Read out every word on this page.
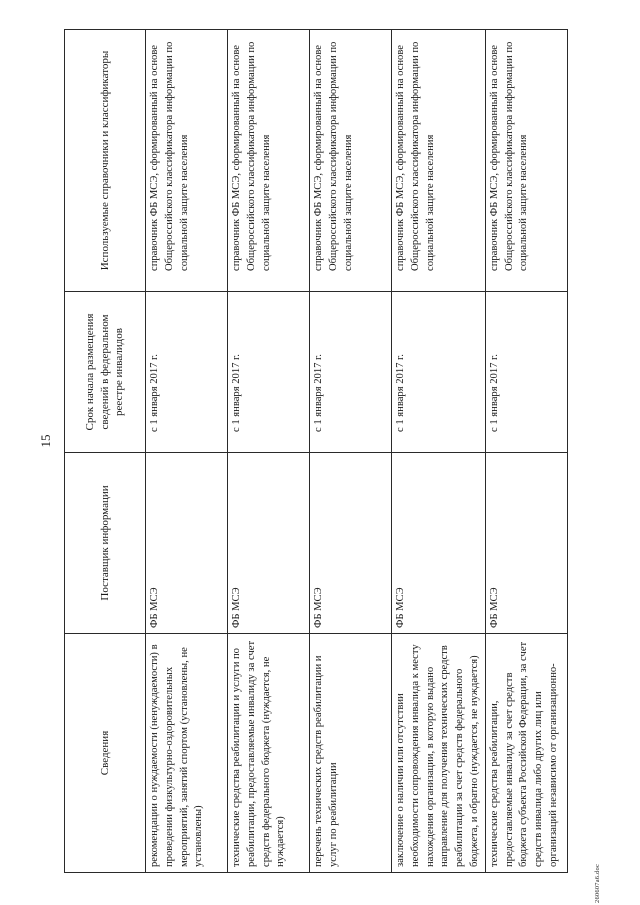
15
Сведения	Поставщик информации	Срок начала размещения сведений в федеральном реестре инвалидов	Используемые справочники и классификаторы
рекомендации о нуждаемости (ненуждаемости) в проведении физкультурно-оздоровительных мероприятий, занятий спортом (установлены, не установлены)	ФБ МСЭ	с 1 января 2017 г.	справочник ФБ МСЭ, сформированный на основе Общероссийского классификатора информации по социальной защите населения
технические средства реабилитации и услуги по реабилитации, предоставляемые инвалиду за счет средств федерального бюджета (нуждается, не нуждается)	ФБ МСЭ	с 1 января 2017 г.	справочник ФБ МСЭ, сформированный на основе Общероссийского классификатора информации по социальной защите населения
перечень технических средств реабилитации и услуг по реабилитации	ФБ МСЭ	с 1 января 2017 г.	справочник ФБ МСЭ, сформированный на основе Общероссийского классификатора информации по социальной защите населения
заключение о наличии или отсутствии необходимости сопровождения инвалида к месту нахождения организации, в которую выдано направление для получения технических средств реабилитации за счет средств федерального бюджета, и обратно (нуждается, не нуждается)	ФБ МСЭ	с 1 января 2017 г.	справочник ФБ МСЭ, сформированный на основе Общероссийского классификатора информации по социальной защите населения
технические средства реабилитации, предоставляемые инвалиду за счет средств бюджета субъекта Российской Федерации, за счет средств инвалида либо других лиц или организаций независимо от организационно-	ФБ МСЭ	с 1 января 2017 г.	справочник ФБ МСЭ, сформированный на основе Общероссийского классификатора информации по социальной защите населения
260607a6.doc
